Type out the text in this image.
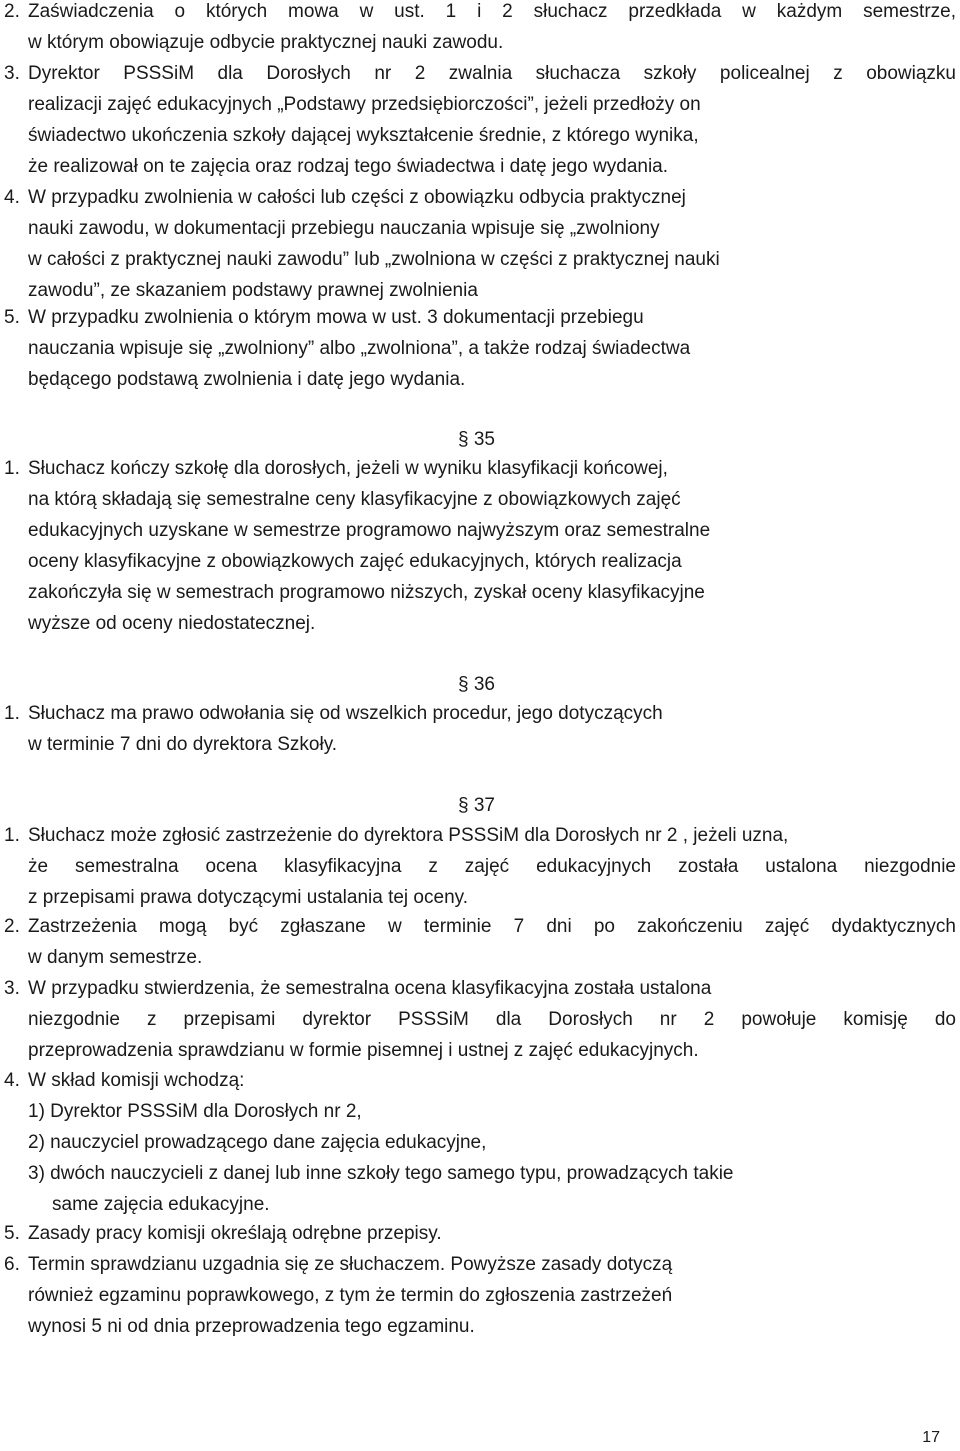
2. Zaświadczenia o których mowa w ust. 1 i 2 słuchacz przedkłada w każdym semestrze,
w którym obowiązuje odbycie praktycznej nauki zawodu.
3. Dyrektor PSSSiM dla Dorosłych nr 2 zwalnia słuchacza szkoły policealnej z obowiązku
realizacji zajęć edukacyjnych „Podstawy przedsiębiorczości”, jeżeli przedłoży on
świadectwo ukończenia szkoły dającej wykształcenie średnie, z którego wynika,
że realizował on te zajęcia oraz rodzaj tego świadectwa i datę jego wydania.
4. W przypadku zwolnienia w całości lub części z obowiązku odbycia praktycznej
nauki zawodu, w dokumentacji przebiegu nauczania wpisuje się „zwolniony
w całości z praktycznej nauki zawodu” lub „zwolniona w części z praktycznej nauki
zawodu”, ze skazaniem podstawy prawnej zwolnienia
5. W przypadku zwolnienia o którym mowa w ust. 3 dokumentacji przebiegu
nauczania wpisuje się „zwolniony” albo „zwolniona”, a także rodzaj świadectwa
będącego podstawą zwolnienia i datę jego wydania.
§ 35
1. Słuchacz kończy szkołę dla dorosłych, jeżeli w wyniku klasyfikacji końcowej,
na którą składają się semestralne ceny klasyfikacyjne z obowiązkowych zajęć
edukacyjnych uzyskane w semestrze programowo najwyższym oraz semestralne
oceny klasyfikacyjne z obowiązkowych zajęć edukacyjnych, których realizacja
zakończyła się w semestrach programowo niższych, zyskał oceny klasyfikacyjne
wyższe od oceny niedostatecznej.
§ 36
1. Słuchacz ma prawo odwołania się od wszelkich procedur, jego dotyczących
w terminie 7 dni do dyrektora Szkoły.
§ 37
1. Słuchacz może zgłosić zastrzeżenie do dyrektora PSSSiM dla Dorosłych nr 2 , jeżeli uzna,
że semestralna ocena klasyfikacyjna z zajęć edukacyjnych została ustalona niezgodnie
z przepisami prawa dotyczącymi ustalania tej oceny.
2. Zastrzeżenia mogą być zgłaszane w terminie 7 dni po zakończeniu zajęć dydaktycznych
w danym semestrze.
3. W przypadku stwierdzenia, że semestralna ocena klasyfikacyjna została ustalona
niezgodnie z przepisami dyrektor PSSSiM dla Dorosłych nr 2 powołuje komisję do
przeprowadzenia sprawdzianu w formie pisemnej i ustnej z zajęć edukacyjnych.
4. W skład komisji wchodzą:
1) Dyrektor PSSSiM dla Dorosłych nr 2,
2) nauczyciel prowadzącego dane zajęcia edukacyjne,
3) dwóch nauczycieli z danej lub inne szkoły tego samego typu, prowadzących takie
same zajęcia edukacyjne.
5. Zasady pracy komisji określają odrębne przepisy.
6. Termin sprawdzianu uzgadnia się ze słuchaczem. Powyższe zasady dotyczą
również egzaminu poprawkowego, z tym że termin do zgłoszenia zastrzeżeń
wynosi 5 ni od dnia przeprowadzenia tego egzaminu.
17
